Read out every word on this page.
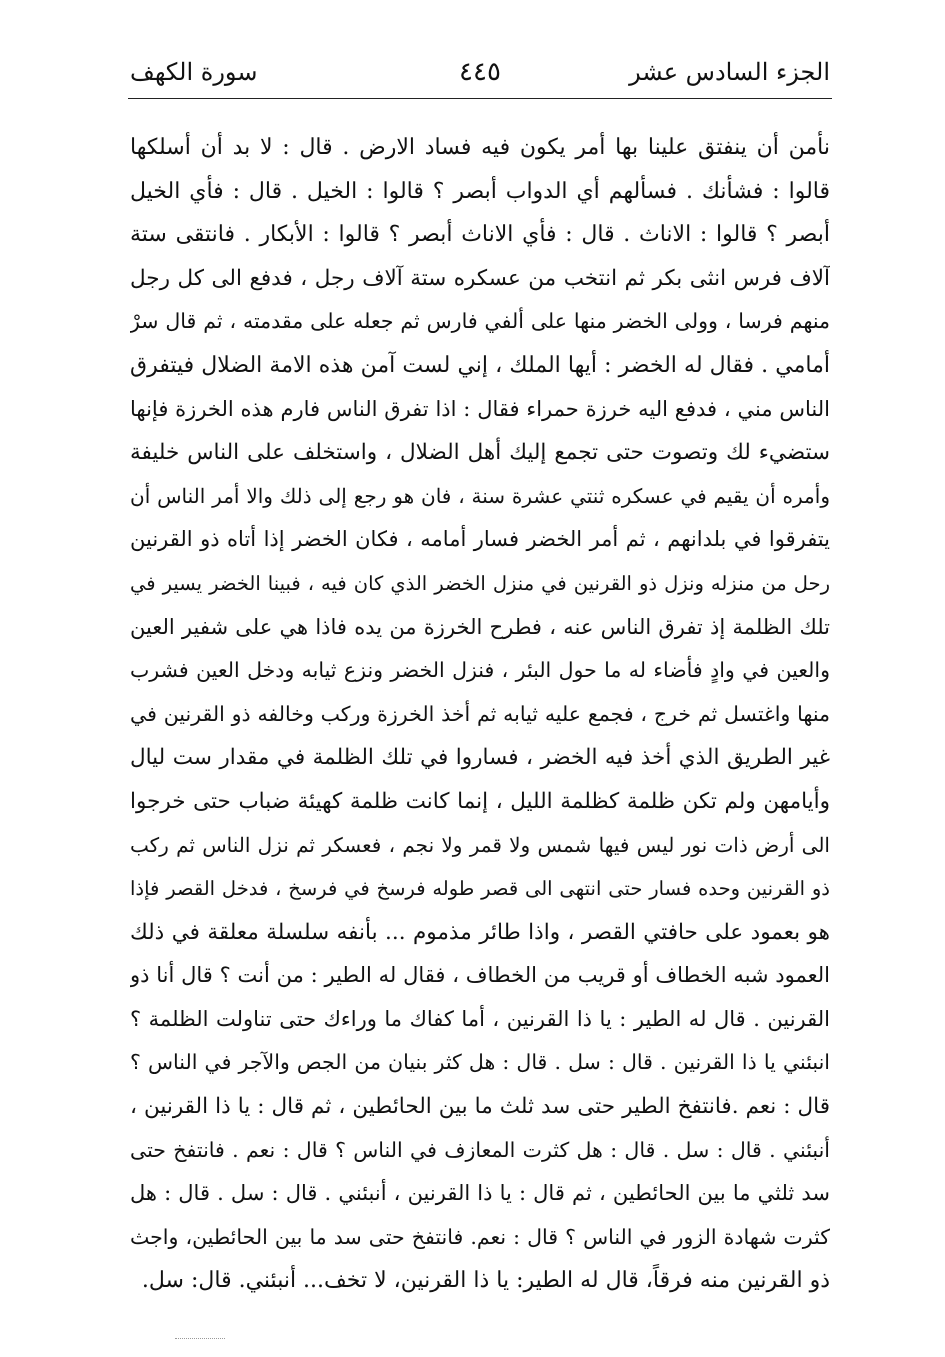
الجزء السادس عشر
٤٤٥
سورة الكهف
نأمن أن ينفتق علينا بها أمر يكون فيه فساد الارض . قال : لا بد أن أسلكها
قالوا : فشأنك . فسألهم أي الدواب أبصر ؟ قالوا : الخيل . قال : فأي الخيل
أبصر ؟ قالوا : الاناث . قال : فأي الاناث أبصر ؟ قالوا : الأبكار . فانتقى ستة
آلاف فرس انثى بكر ثم انتخب من عسكره ستة آلاف رجل ، فدفع الى كل رجل
منهم فرسا ، وولى الخضر منها على ألفي فارس ثم جعله على مقدمته ، ثم قال سرْ
أمامي . فقال له الخضر : أيها الملك ، إني لست آمن هذه الامة الضلال فيتفرق
الناس مني ، فدفع اليه خرزة حمراء فقال : اذا تفرق الناس فارم هذه الخرزة فإنها
ستضيء لك وتصوت حتى تجمع إليك أهل الضلال ، واستخلف على الناس خليفة
وأمره أن يقيم في عسكره ثنتي عشرة سنة ، فان هو رجع إلى ذلك والا أمر الناس أن
يتفرقوا في بلدانهم ، ثم أمر الخضر فسار أمامه ، فكان الخضر إذا أتاه ذو القرنين
رحل من منزله ونزل ذو القرنين في منزل الخضر الذي كان فيه ، فبينا الخضر يسير في
تلك الظلمة إذ تفرق الناس عنه ، فطرح الخرزة من يده فاذا هي على شفير العين
والعين في وادٍ فأضاء له ما حول البئر ، فنزل الخضر ونزع ثيابه ودخل العين فشرب
منها واغتسل ثم خرج ، فجمع عليه ثيابه ثم أخذ الخرزة وركب وخالفه ذو القرنين في
غير الطريق الذي أخذ فيه الخضر ، فساروا في تلك الظلمة في مقدار ست ليال
وأيامهن ولم تكن ظلمة كظلمة الليل ، إنما كانت ظلمة كهيئة ضباب حتى خرجوا
الى أرض ذات نور ليس فيها شمس ولا قمر ولا نجم ، فعسكر ثم نزل الناس ثم ركب
ذو القرنين وحده فسار حتى انتهى الى قصر طوله فرسخ في فرسخ ، فدخل القصر فإذا
هو بعمود على حافتي القصر ، واذا طائر مذموم ... بأنفه سلسلة معلقة في ذلك
العمود شبه الخطاف أو قريب من الخطاف ، فقال له الطير : من أنت ؟ قال أنا ذو
القرنين . قال له الطير : يا ذا القرنين ، أما كفاك ما وراءك حتى تناولت الظلمة ؟
انبئني يا ذا القرنين . قال : سل . قال : هل كثر بنيان من الجص والآجر في الناس ؟
قال : نعم .فانتفخ الطير حتى سد ثلث ما بين الحائطين ، ثم قال : يا ذا القرنين ،
أنبئني . قال : سل . قال : هل كثرت المعازف في الناس ؟ قال : نعم . فانتفخ حتى
سد ثلثي ما بين الحائطين ، ثم قال : يا ذا القرنين ، أنبئني . قال : سل . قال : هل
كثرت شهادة الزور في الناس ؟ قال : نعم. فانتفخ حتى سد ما بين الحائطين، واجث
ذو القرنين منه فرقاً، قال له الطير: يا ذا القرنين، لا تخف... أنبئني. قال: سل.
